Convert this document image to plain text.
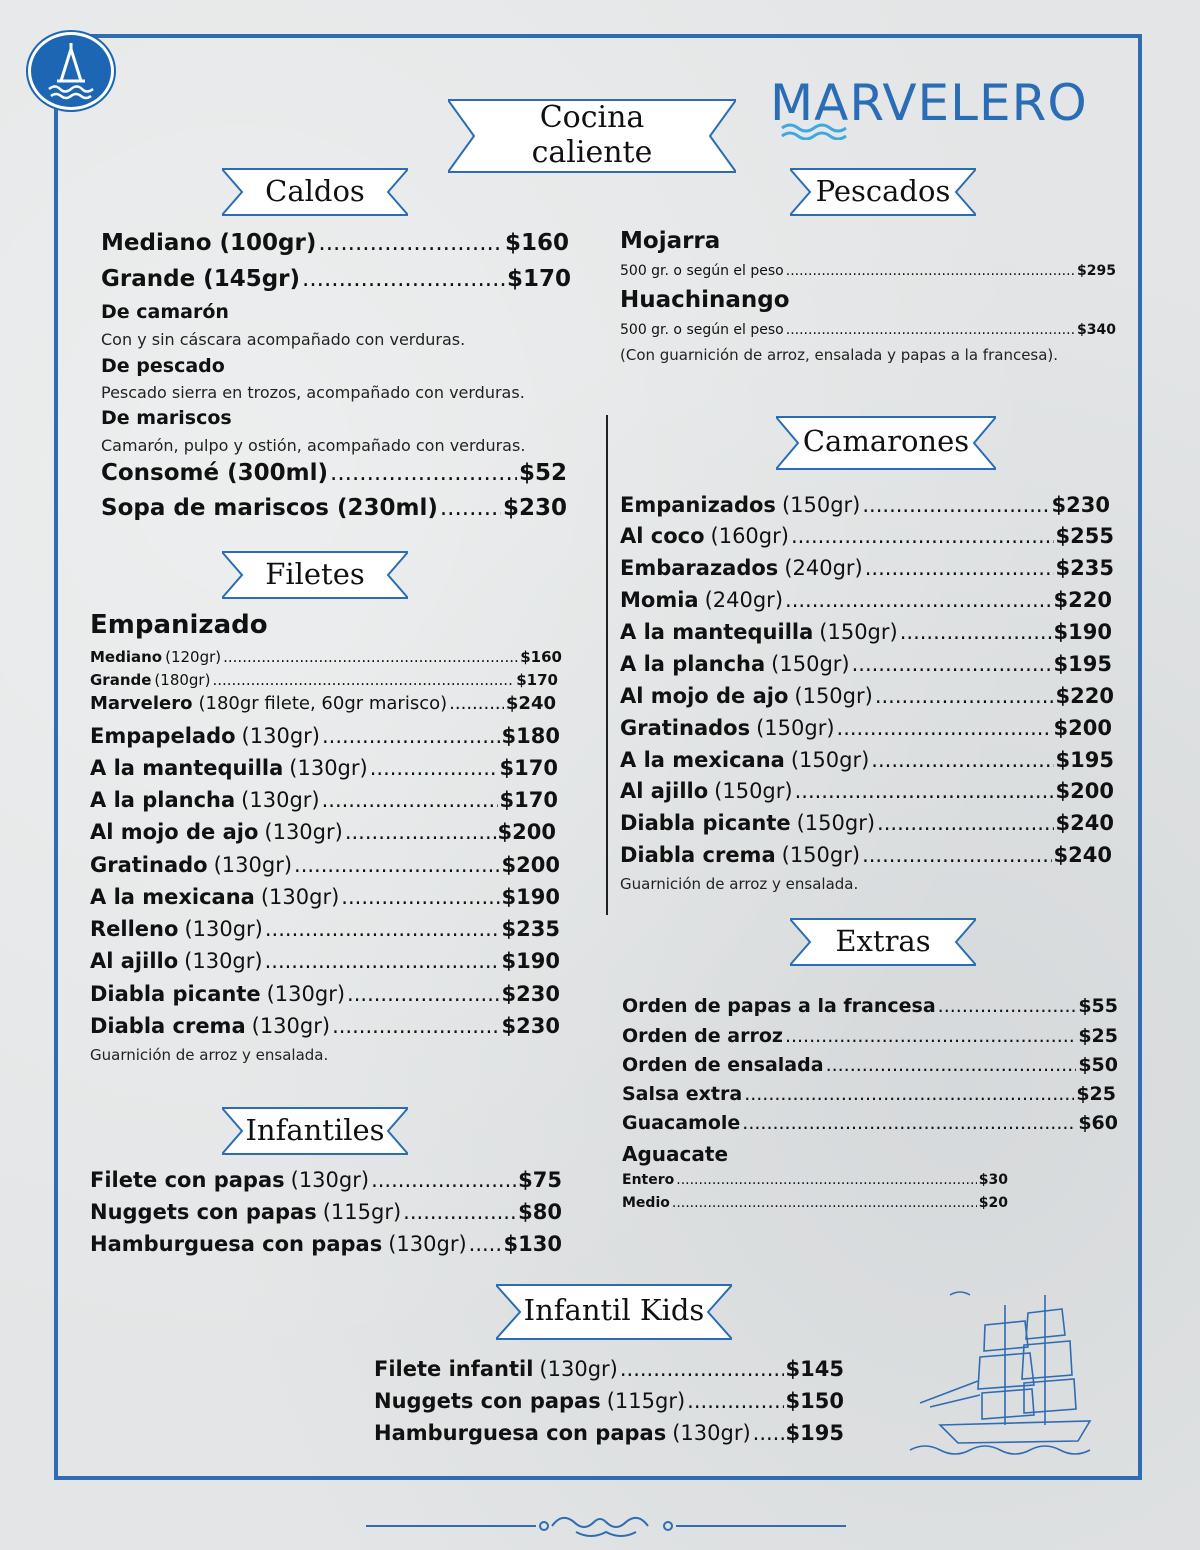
MARVELERO
Cocina
caliente
Caldos	Pescados
Filetes
Camarones
Extras
Infantiles
Infantil Kids
Mediano (100gr) .....	$160
Grande (145gr) .....	$170
De camarón
Con y sin cáscara acompañado con verduras.
De pescado
Pescado sierra en trozos, acompañado con verduras.
De mariscos
Camarón, pulpo y ostión, acompañado con verduras.
Consomé (300ml) .....	$52
Sopa de mariscos (230ml) .....	$230
Empanizado
Mediano (120gr) .....	$160
Grande (180gr) .....	$170
Marvelero (180gr filete, 60gr marisco) .....	$240
Empapelado (130gr) .....	$180
A la mantequilla (130gr) .....	$170
A la plancha (130gr) .....	$170
Al mojo de ajo (130gr) .....	$200
Gratinado (130gr) .....	$200
A la mexicana (130gr) .....	$190
Relleno (130gr) .....	$235
Al ajillo (130gr) .....	$190
Diabla picante (130gr) .....	$230
Diabla crema (130gr) .....	$230
Guarnición de arroz y ensalada.
Filete con papas (130gr) .....	$75
Nuggets con papas (115gr) .....	$80
Hamburguesa con papas (130gr) ..... $130
Mojarra
500 gr. o según el peso .....	$295
Huachinango
500 gr. o según el peso .....	$340
(Con guarnición de arroz, ensalada y papas a la francesa).
Empanizados (150gr) .....	$230
Al coco (160gr) .....	$255
Embarazados (240gr) .....	$235
Momia (240gr) .....	$220
A la mantequilla (150gr) .....	$190
A la plancha (150gr) .....	$195
Al mojo de ajo (150gr) .....	$220
Gratinados (150gr) .....	$200
A la mexicana (150gr) .....	$195
Al ajillo (150gr) .....	$200
Diabla picante (150gr) .....	$240
Diabla crema (150gr) .....	$240
Guarnición de arroz y ensalada.
Orden de papas a la francesa .....	$55
Orden de arroz .....	$25
Orden de ensalada .....	$50
Salsa extra .....	$25
Guacamole .....	$60
Aguacate
Entero .....	$30
Medio .....	$20
Filete infantil (130gr) .....	$145
Nuggets con papas (115gr) .....	$150
Hamburguesa con papas (130gr) ..... $195
